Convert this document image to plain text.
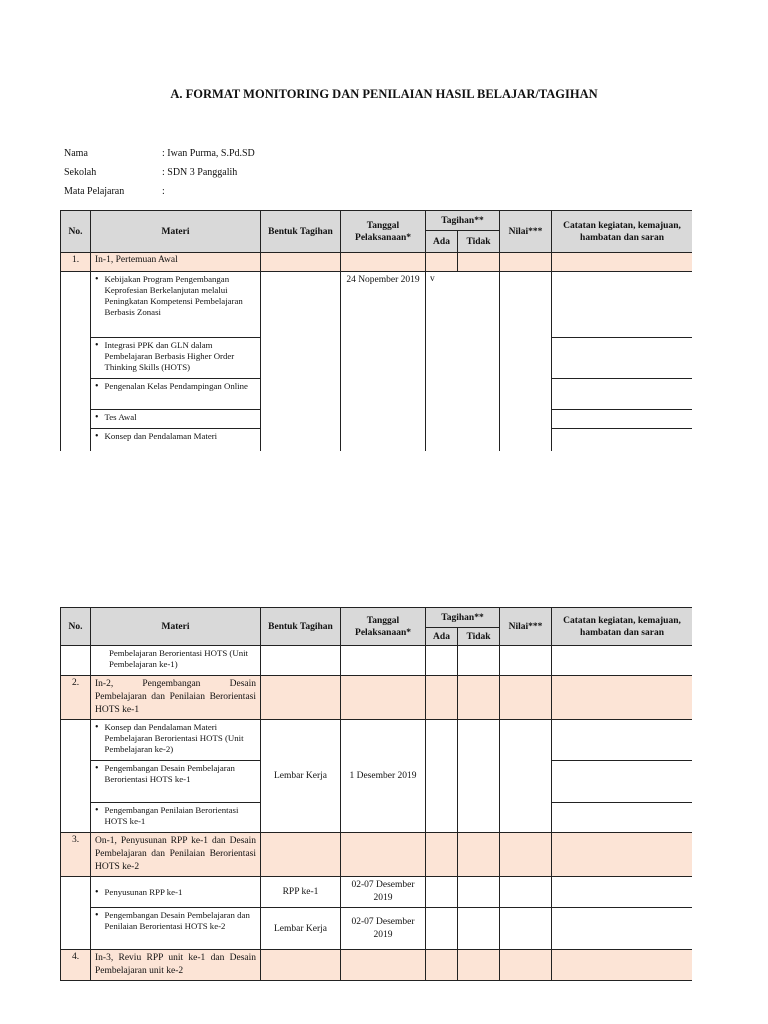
A. FORMAT MONITORING DAN PENILAIAN HASIL BELAJAR/TAGIHAN
Nama	: Iwan Purma, S.Pd.SD
Sekolah	: SDN 3 Panggalih
Mata Pelajaran	:
No.	Materi	Bentuk Tagihan	Tanggal Pelaksanaan*	Tagihan**		Nilai***	Catatan kegiatan, kemajuan, hambatan dan saran
				Ada	Tidak		
1.	In-1, Pertemuan Awal						

	• Kebijakan Program Pengembangan Keprofesian Berkelanjutan melalui Peningkatan Kompetensi Pembelajaran Berbasis Zonasi		24 Nopember 2019	v			

	• Integrasi PPK dan GLN dalam Pembelajaran Berbasis Higher Order Thinking Skills (HOTS)						

	• Pengenalan Kelas Pendampingan Online						

	• Tes Awal						

	• Konsep dan Pendalaman Materi						

No.	Materi	Bentuk Tagihan	Tanggal Pelaksanaan*	Tagihan**		Nilai***	Catatan kegiatan, kemajuan, hambatan dan saran
				Ada	Tidak		

	Pembelajaran Berorientasi HOTS (Unit Pembelajaran ke-1)						

2.	In-2, Pengembangan Desain Pembelajaran dan Penilaian Berorientasi HOTS ke-1						

	• Konsep dan Pendalaman Materi Pembelajaran Berorientasi HOTS (Unit Pembelajaran ke-2)	Lembar Kerja	1 Desember 2019				

	• Pengembangan Desain Pembelajaran Berorientasi HOTS ke-1						

	• Pengembangan Penilaian Berorientasi HOTS ke-1						

3.	On-1, Penyusunan RPP ke-1 dan Desain Pembelajaran dan Penilaian Berorientasi HOTS ke-2						

	• Penyusunan RPP ke-1	RPP ke-1	02-07 Desember 2019				

	• Pengembangan Desain Pembelajaran dan Penilaian Berorientasi HOTS ke-2	Lembar Kerja	02-07 Desember 2019				
4.	In-3, Reviu RPP unit ke-1 dan Desain Pembelajaran unit ke-2						
